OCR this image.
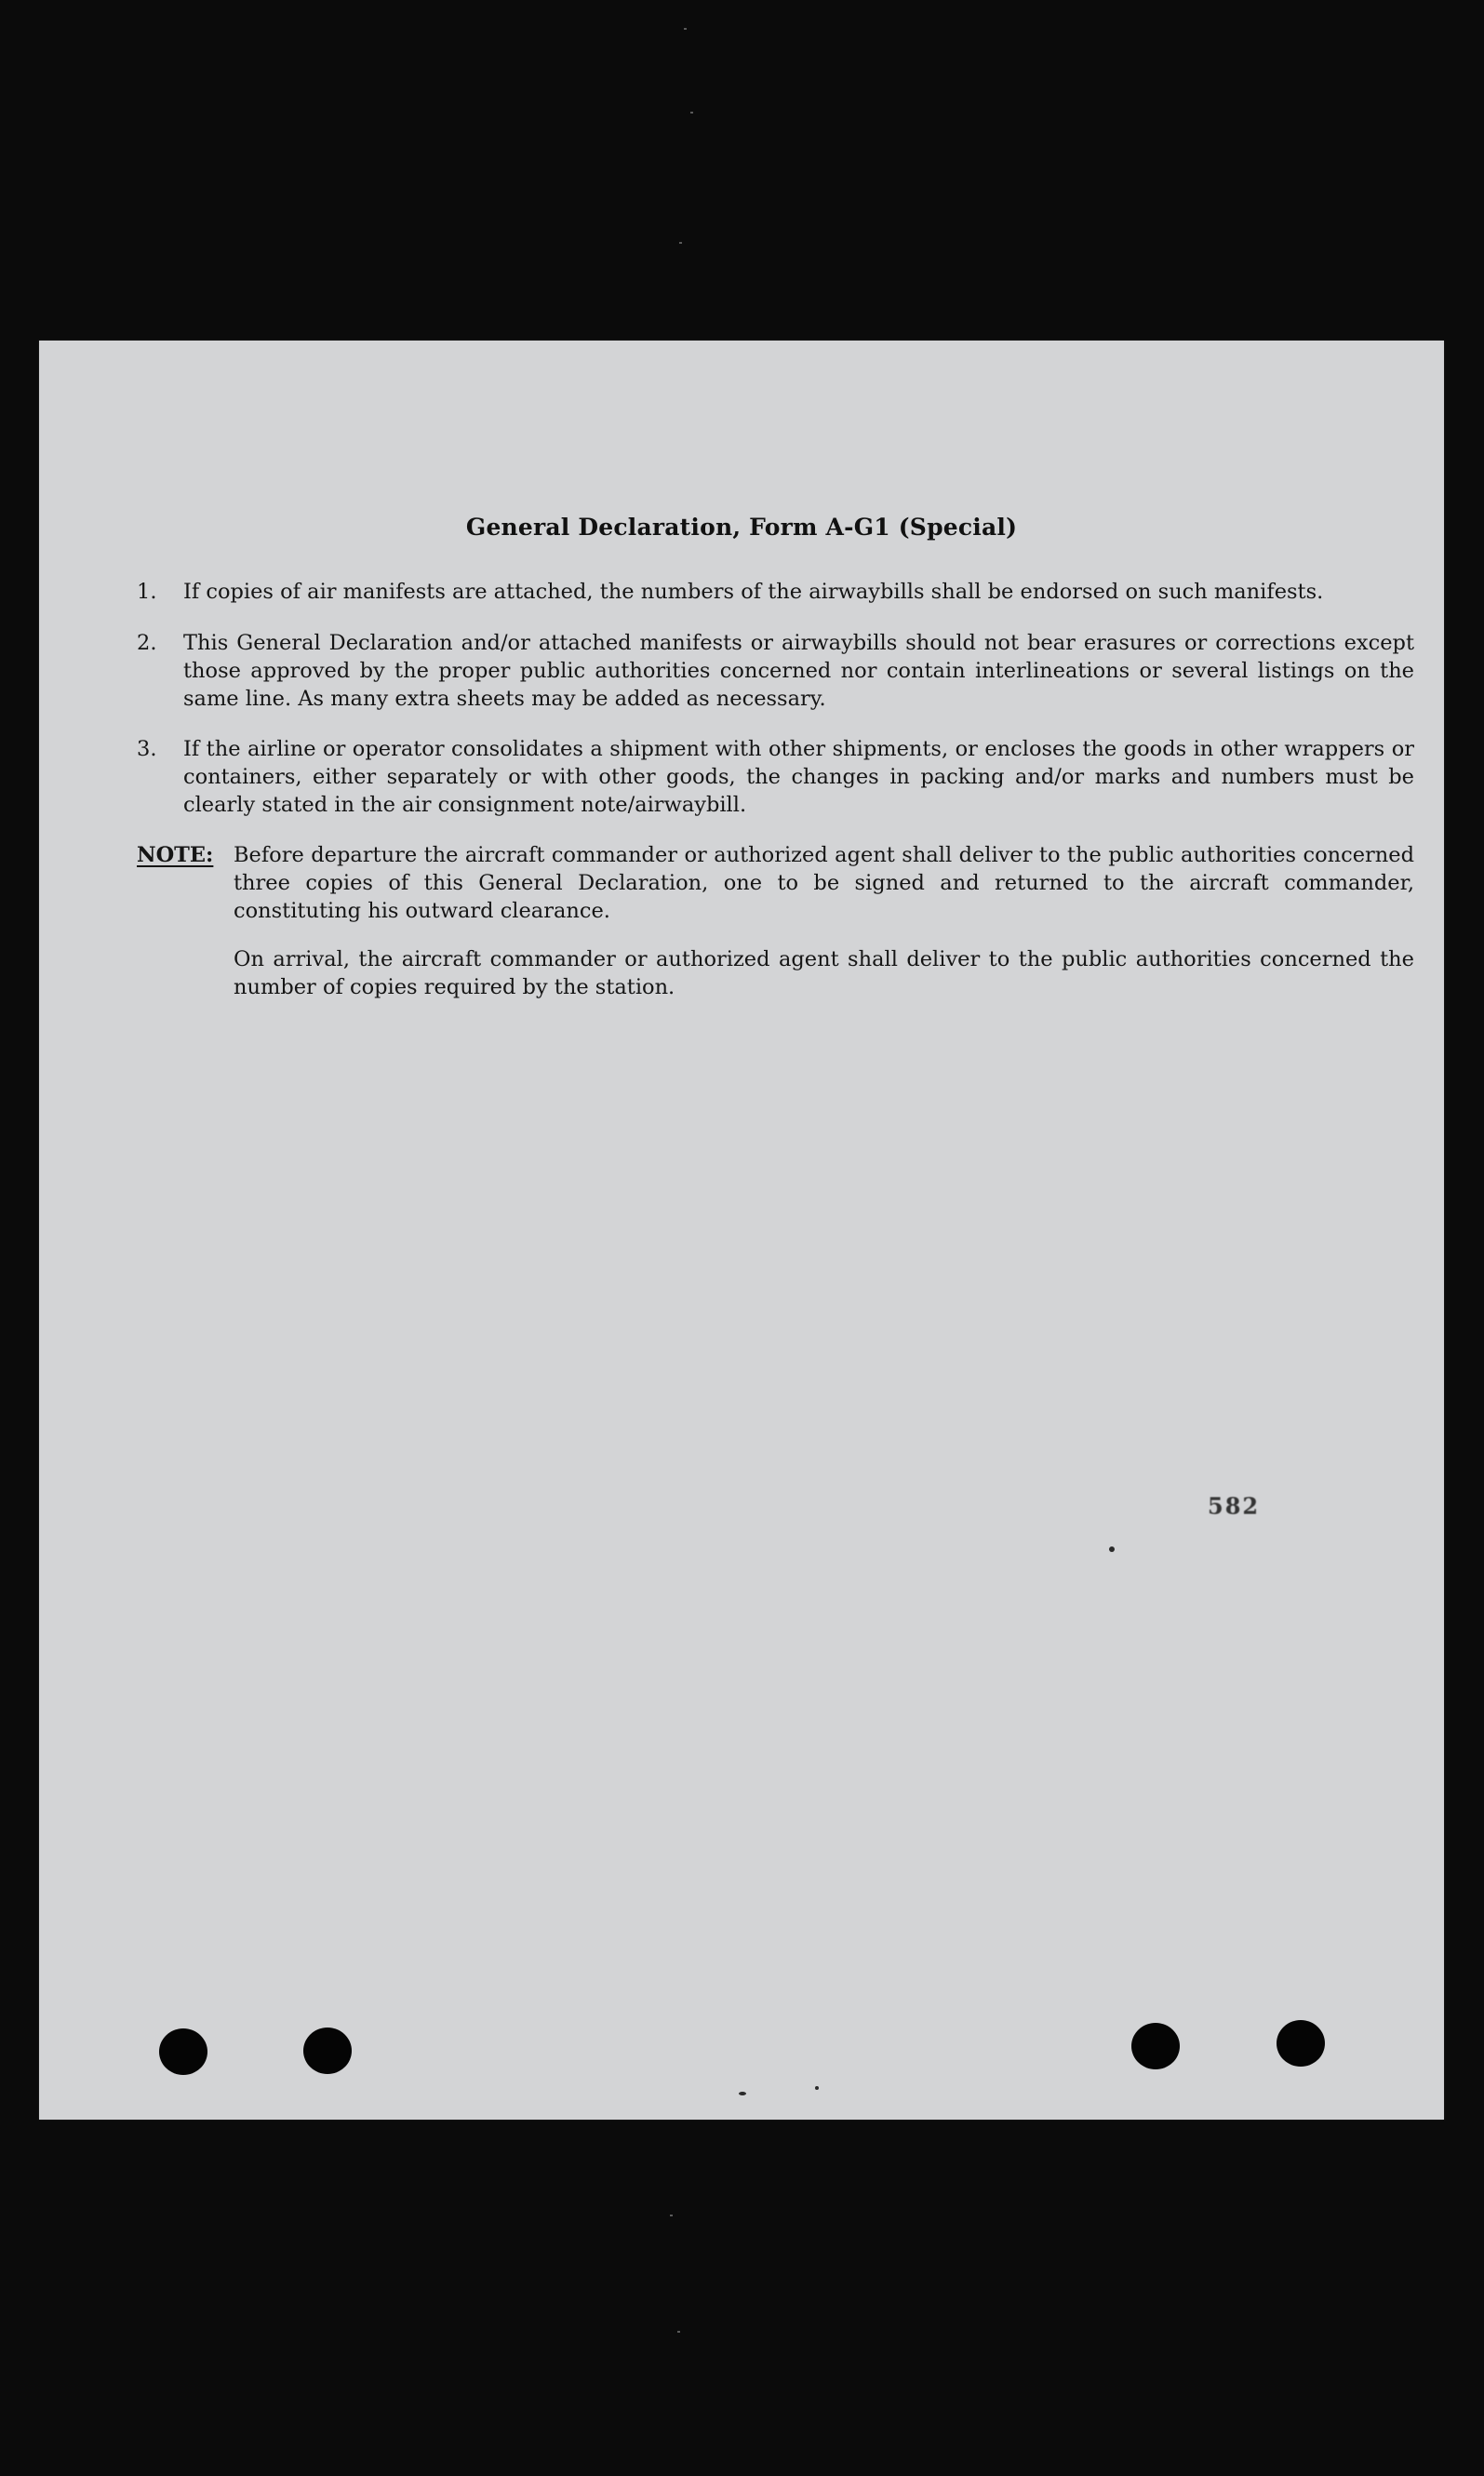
General Declaration, Form A-G1 (Special)
1.	If copies of air manifests are attached, the numbers of the airwaybills shall be endorsed on such manifests.
2.	This General Declaration and/or attached manifests or airwaybills should not bear erasures or corrections except those approved by the proper public authorities concerned nor contain interlineations or several listings on the same line. As many extra sheets may be added as necessary.
3.	If the airline or operator consolidates a shipment with other shipments, or encloses the goods in other wrappers or containers, either separately or with other goods, the changes in packing and/or marks and numbers must be clearly stated in the air consignment note/airwaybill.
NOTE: Before departure the aircraft commander or authorized agent shall deliver to the public authorities concerned three copies of this General Declaration, one to be signed and returned to the aircraft commander, constituting his outward clearance.
On arrival, the aircraft commander or authorized agent shall deliver to the public authorities concerned the number of copies required by the station.
582
